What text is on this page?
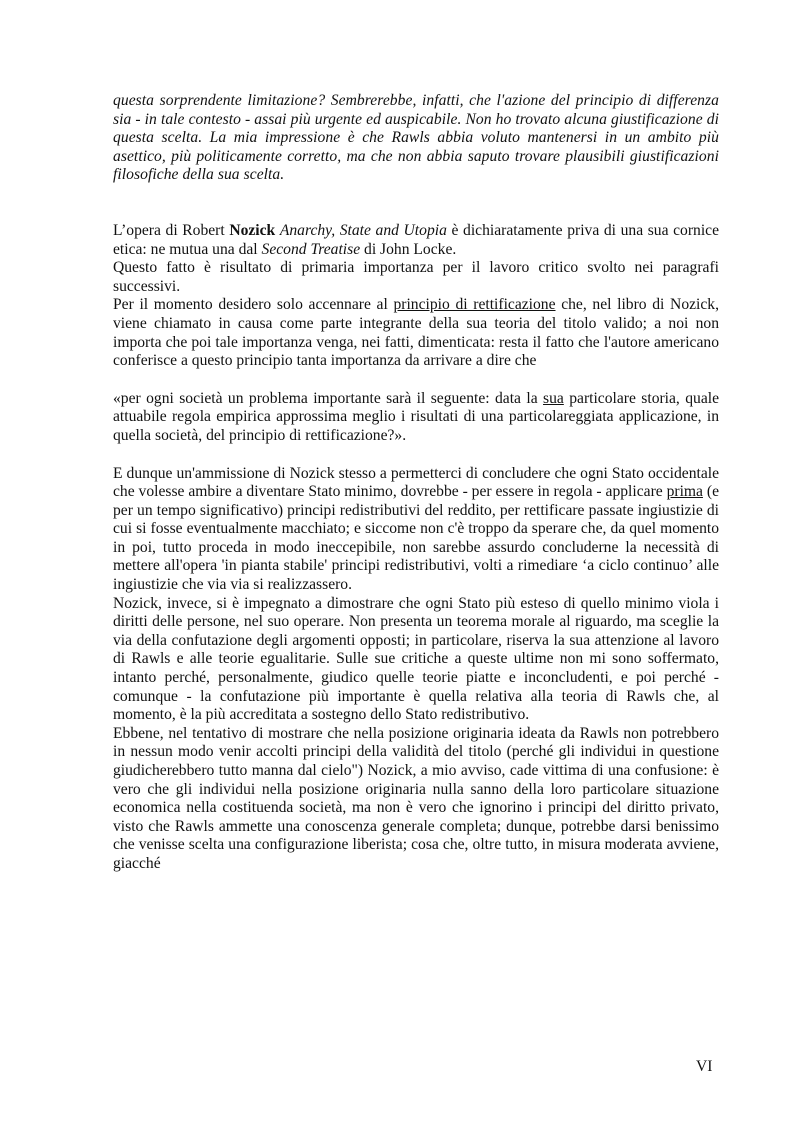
questa sorprendente limitazione? Sembrerebbe, infatti, che l'azione del principio di differenza sia - in tale contesto - assai più urgente ed auspicabile. Non ho trovato alcuna giustificazione di questa scelta. La mia impressione è che Rawls abbia voluto mantenersi in un ambito più asettico, più politicamente corretto, ma che non abbia saputo trovare plausibili giustificazioni filosofiche della sua scelta.

L’opera di Robert Nozick Anarchy, State and Utopia è dichiaratamente priva di una sua cornice etica: ne mutua una dal Second Treatise di John Locke.

Questo fatto è risultato di primaria importanza per il lavoro critico svolto nei paragrafi successivi.

Per il momento desidero solo accennare al principio di rettificazione che, nel libro di Nozick, viene chiamato in causa come parte integrante della sua teoria del titolo valido; a noi non importa che poi tale importanza venga, nei fatti, dimenticata: resta il fatto che l'autore americano conferisce a questo principio tanta importanza da arrivare a dire che

«per ogni società un problema importante sarà il seguente: data la sua particolare storia, quale attuabile regola empirica approssima meglio i risultati di una particolareggiata applicazione, in quella società, del principio di rettificazione?».

E dunque un'ammissione di Nozick stesso a permetterci di concludere che ogni Stato occidentale che volesse ambire a diventare Stato minimo, dovrebbe - per essere in regola - applicare prima (e per un tempo significativo) principi redistributivi del reddito, per rettificare passate ingiustizie di cui si fosse eventualmente macchiato; e siccome non c'è troppo da sperare che, da quel momento in poi, tutto proceda in modo ineccepibile, non sarebbe assurdo concluderne la necessità di mettere all'opera 'in pianta stabile' principi redistributivi, volti a rimediare ‘a ciclo continuo’ alle ingiustizie che via via si realizzassero.

Nozick, invece, si è impegnato a dimostrare che ogni Stato più esteso di quello minimo viola i diritti delle persone, nel suo operare. Non presenta un teorema morale al riguardo, ma sceglie la via della confutazione degli argomenti opposti; in particolare, riserva la sua attenzione al lavoro di Rawls e alle teorie egualitarie. Sulle sue critiche a queste ultime non mi sono soffermato, intanto perché, personalmente, giudico quelle teorie piatte e inconcludenti, e poi perché - comunque - la confutazione più importante è quella relativa alla teoria di Rawls che, al momento, è la più accreditata a sostegno dello Stato redistributivo.

Ebbene, nel tentativo di mostrare che nella posizione originaria ideata da Rawls non potrebbero in nessun modo venir accolti principi della validità del titolo (perché gli individui in questione giudicherebbero tutto manna dal cielo") Nozick, a mio avviso, cade vittima di una confusione: è vero che gli individui nella posizione originaria nulla sanno della loro particolare situazione economica nella costituenda società, ma non è vero che ignorino i principi del diritto privato, visto che Rawls ammette una conoscenza generale completa; dunque, potrebbe darsi benissimo che venisse scelta una configurazione liberista; cosa che, oltre tutto, in misura moderata avviene, giacché

VI
